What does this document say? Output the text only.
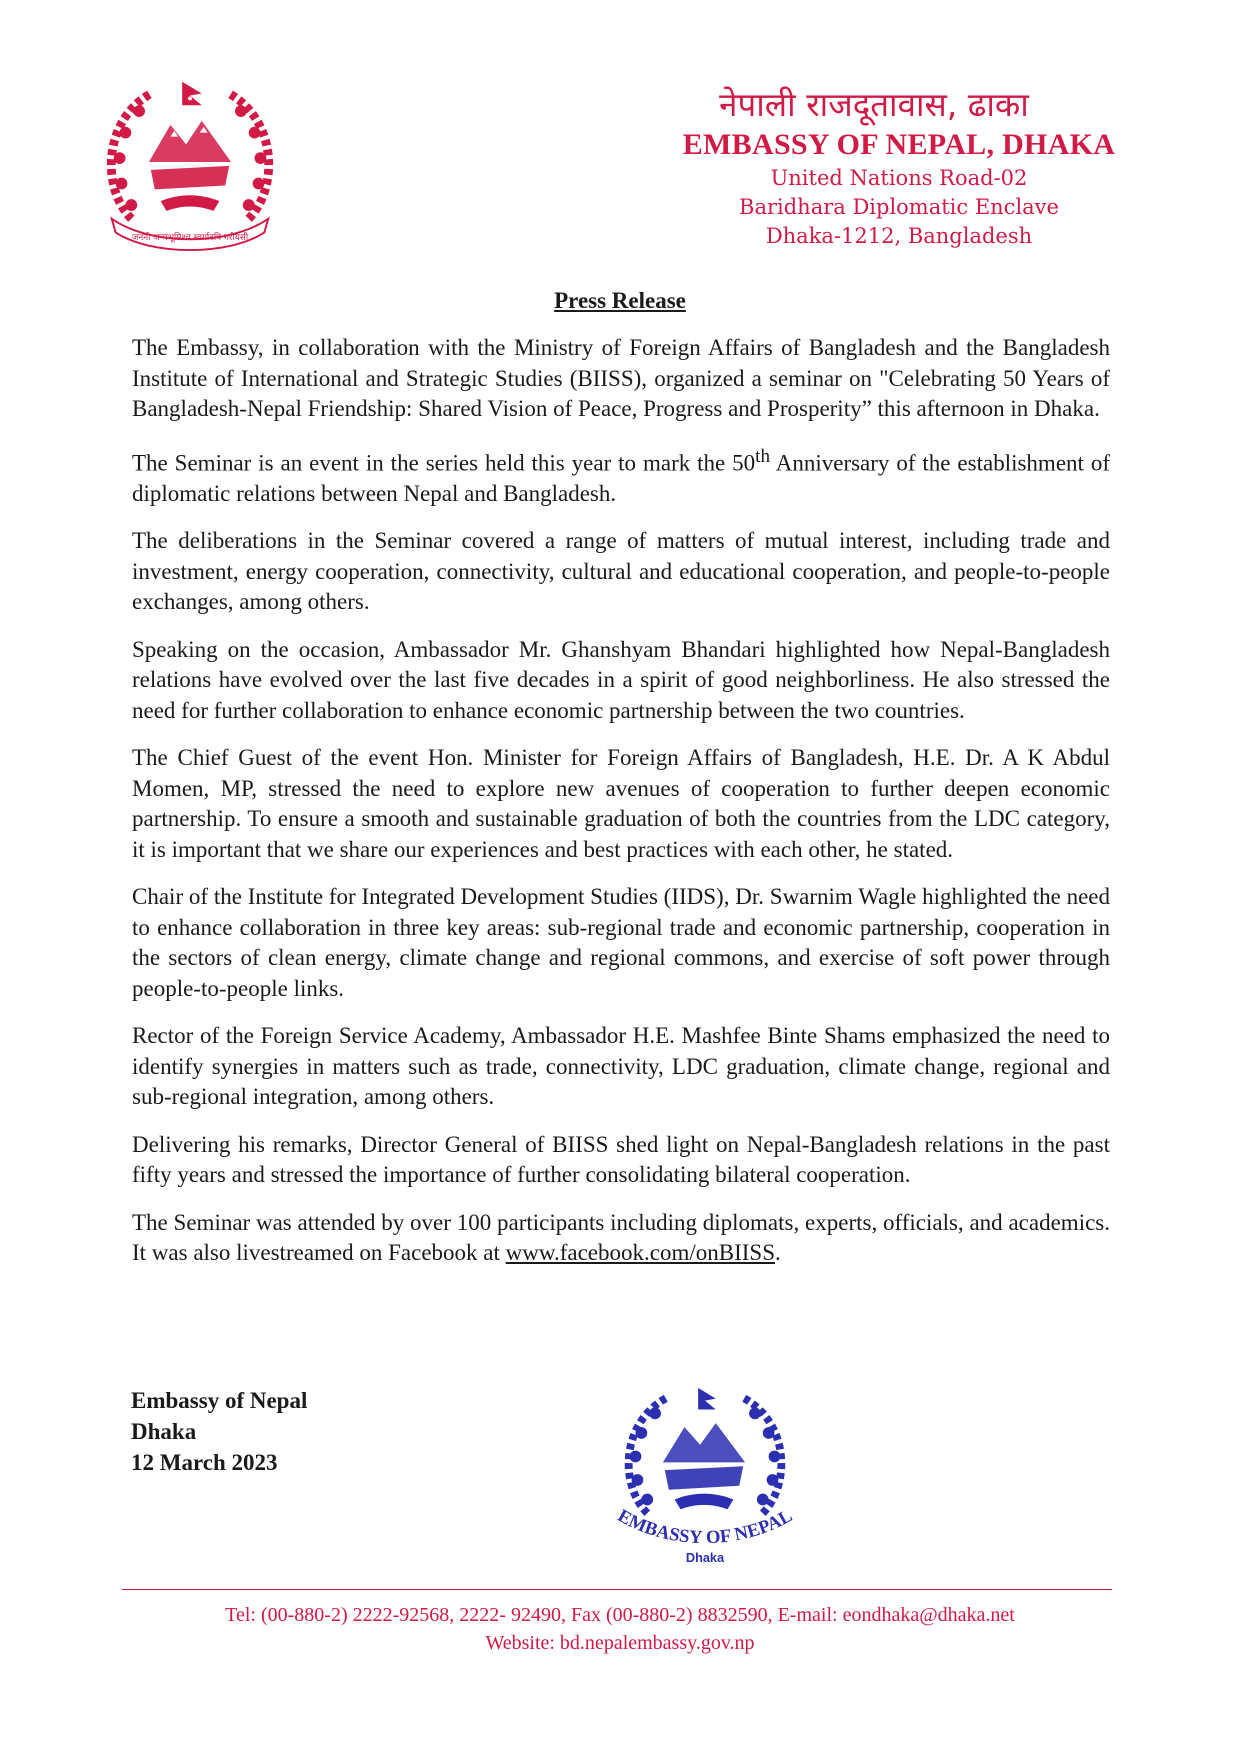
जननी जन्मभूमिश्च स्वर्गादपि गरीयसी
नेपाली राजदूतावास, ढाका
EMBASSY OF NEPAL, DHAKA
United Nations Road-02
Baridhara Diplomatic Enclave
Dhaka-1212, Bangladesh
Press Release

The Embassy, in collaboration with the Ministry of Foreign Affairs of Bangladesh and the Bangladesh Institute of International and Strategic Studies (BIISS), organized a seminar on "Celebrating 50 Years of Bangladesh-Nepal Friendship: Shared Vision of Peace, Progress and Prosperity” this afternoon in Dhaka.

The Seminar is an event in the series held this year to mark the 50th Anniversary of the establishment of diplomatic relations between Nepal and Bangladesh.

The deliberations in the Seminar covered a range of matters of mutual interest, including trade and investment, energy cooperation, connectivity, cultural and educational cooperation, and people-to-people exchanges, among others.

Speaking on the occasion, Ambassador Mr. Ghanshyam Bhandari highlighted how Nepal-Bangladesh relations have evolved over the last five decades in a spirit of good neighborliness. He also stressed the need for further collaboration to enhance economic partnership between the two countries.

The Chief Guest of the event Hon. Minister for Foreign Affairs of Bangladesh, H.E. Dr. A K Abdul Momen, MP, stressed the need to explore new avenues of cooperation to further deepen economic partnership. To ensure a smooth and sustainable graduation of both the countries from the LDC category, it is important that we share our experiences and best practices with each other, he stated.

Chair of the Institute for Integrated Development Studies (IIDS), Dr. Swarnim Wagle highlighted the need to enhance collaboration in three key areas: sub-regional trade and economic partnership, cooperation in the sectors of clean energy, climate change and regional commons, and exercise of soft power through people-to-people links.

Rector of the Foreign Service Academy, Ambassador H.E. Mashfee Binte Shams emphasized the need to identify synergies in matters such as trade, connectivity, LDC graduation, climate change, regional and sub-regional integration, among others.

Delivering his remarks, Director General of BIISS shed light on Nepal-Bangladesh relations in the past fifty years and stressed the importance of further consolidating bilateral cooperation.

The Seminar was attended by over 100 participants including diplomats, experts, officials, and academics. It was also livestreamed on Facebook at www.facebook.com/onBIISS.

Embassy of Nepal
Dhaka
12 March 2023
EMBASSY OF NEPAL
Dhaka
Tel: (00-880-2) 2222-92568, 2222- 92490, Fax (00-880-2) 8832590, E-mail: eondhaka@dhaka.net
Website: bd.nepalembassy.gov.np
